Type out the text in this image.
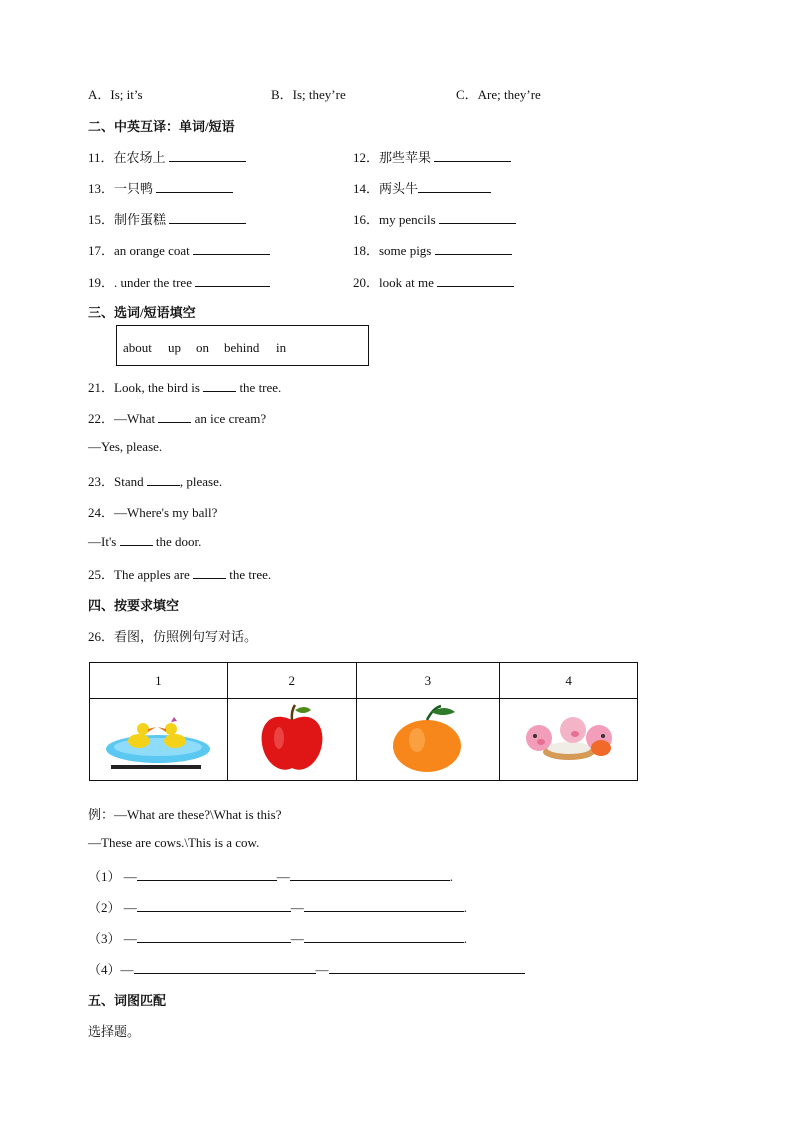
A．Is; it’s	B．Is; they’re	C．Are; they’re
二、中英互译：单词/短语
11．在农场上	12．那些苹果
13．一只鸭	14．两头牛
15．制作蛋糕	16．my pencils
17．an orange coat	18．some pigs
19．. under the tree	20．look at me
三、选词/短语填空
about up on behind in
21．Look, the bird is	the tree.
22．—What	an ice cream?
—Yes, please.
23．Stand	, please.
24．—Where's my ball?
—It's	the door.
25．The apples are	the tree.
四、按要求填空
26．看图，仿照例句写对话。
1	2	3	4

例：—What are these?\What is this?
—These are cows.\This is a cow.
（1） —	—	.
（2） —	—	.
（3） —	—	.
（4）—	—
五、词图匹配
选择题。
